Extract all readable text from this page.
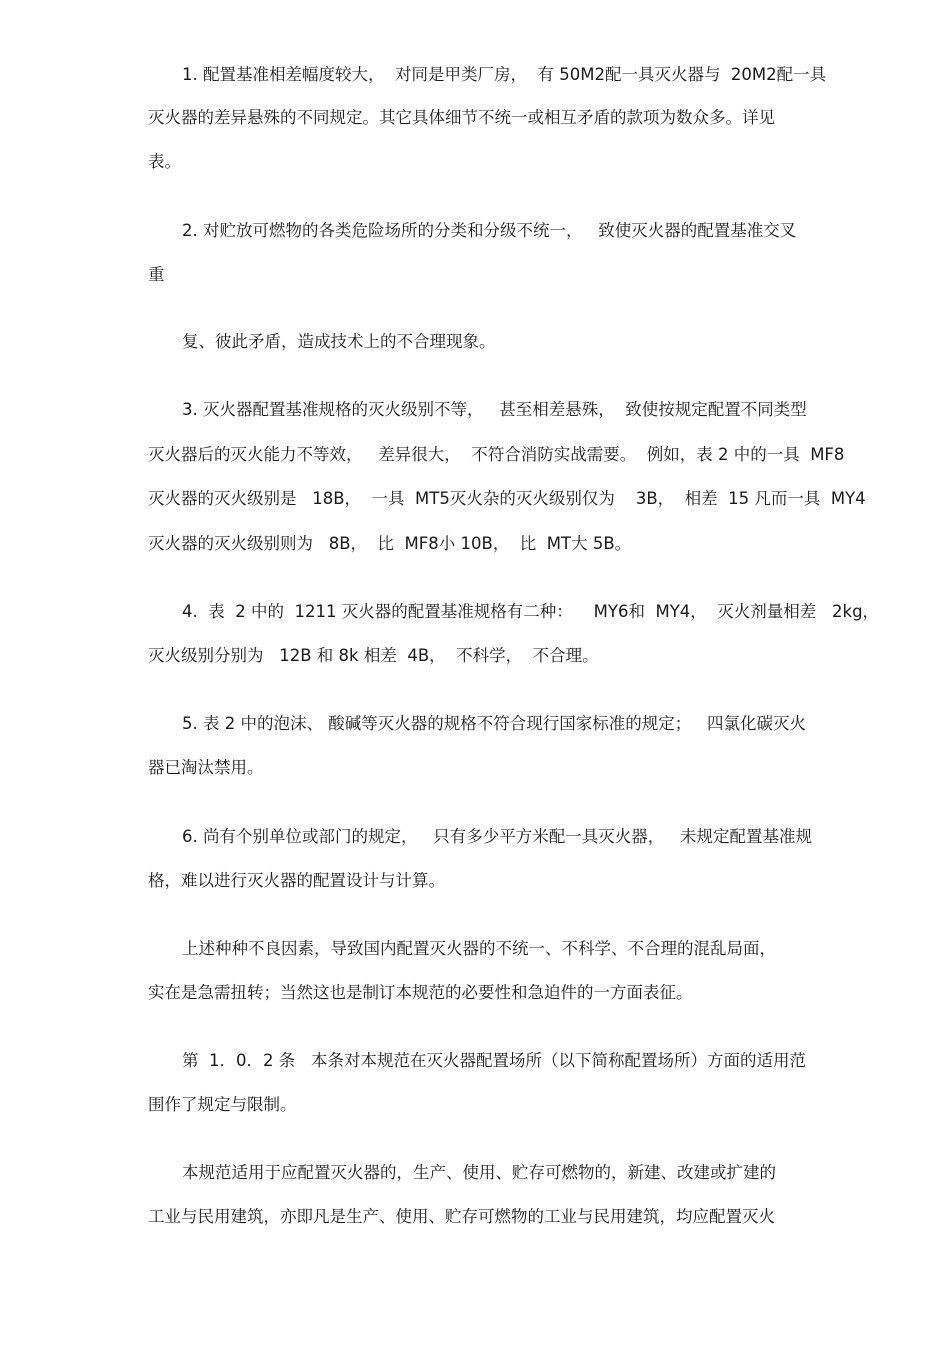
1. 配置基准相差幅度较大，  对同是甲类厂房，  有 50M2配一具灭火器与  20M2配一具
灭火器的差异悬殊的不同规定。其它具体细节不统一或相互矛盾的款项为数众多。详见
表。
2. 对贮放可燃物的各类危险场所的分类和分级不统一，   致使灭火器的配置基准交叉
重
复、彼此矛盾，造成技术上的不合理现象。
3. 灭火器配置基准规格的灭火级别不等，   甚至相差悬殊，  致使按规定配置不同类型
灭火器后的灭火能力不等效，   差异很大，  不符合消防实战需要。  例如，表 2 中的一具  MF8
灭火器的灭火级别是   18B，  一具  MT5灭火杂的灭火级别仅为    3B，  相差  15 凡而一具  MY4
灭火器的灭火级别则为   8B，  比  MF8小 10B，  比  MT大 5B。
4.  表  2 中的  1211 灭火器的配置基准规格有二种：    MY6和  MY4，  灭火剂量相差   2kg，
灭火级别分别为   12B 和 8k 相差  4B，  不科学，  不合理。
5. 表 2 中的泡沫、 酸碱等灭火器的规格不符合现行国家标准的规定；   四氯化碳灭火
器已淘汰禁用。
6. 尚有个别单位或部门的规定，   只有多少平方米配一具灭火器，   未规定配置基准规
格，难以进行灭火器的配置设计与计算。
上述种种不良因素，导致国内配置灭火器的不统一、不科学、不合理的混乱局面，
实在是急需扭转；当然这也是制订本规范的必要性和急迫件的一方面表征。
第  1．0．2 条   本条对本规范在灭火器配置场所（以下简称配置场所）方面的适用范
围作了规定与限制。
本规范适用于应配置灭火器的，生产、使用、贮存可燃物的，新建、改建或扩建的
工业与民用建筑，亦即凡是生产、使用、贮存可燃物的工业与民用建筑，均应配置灭火
